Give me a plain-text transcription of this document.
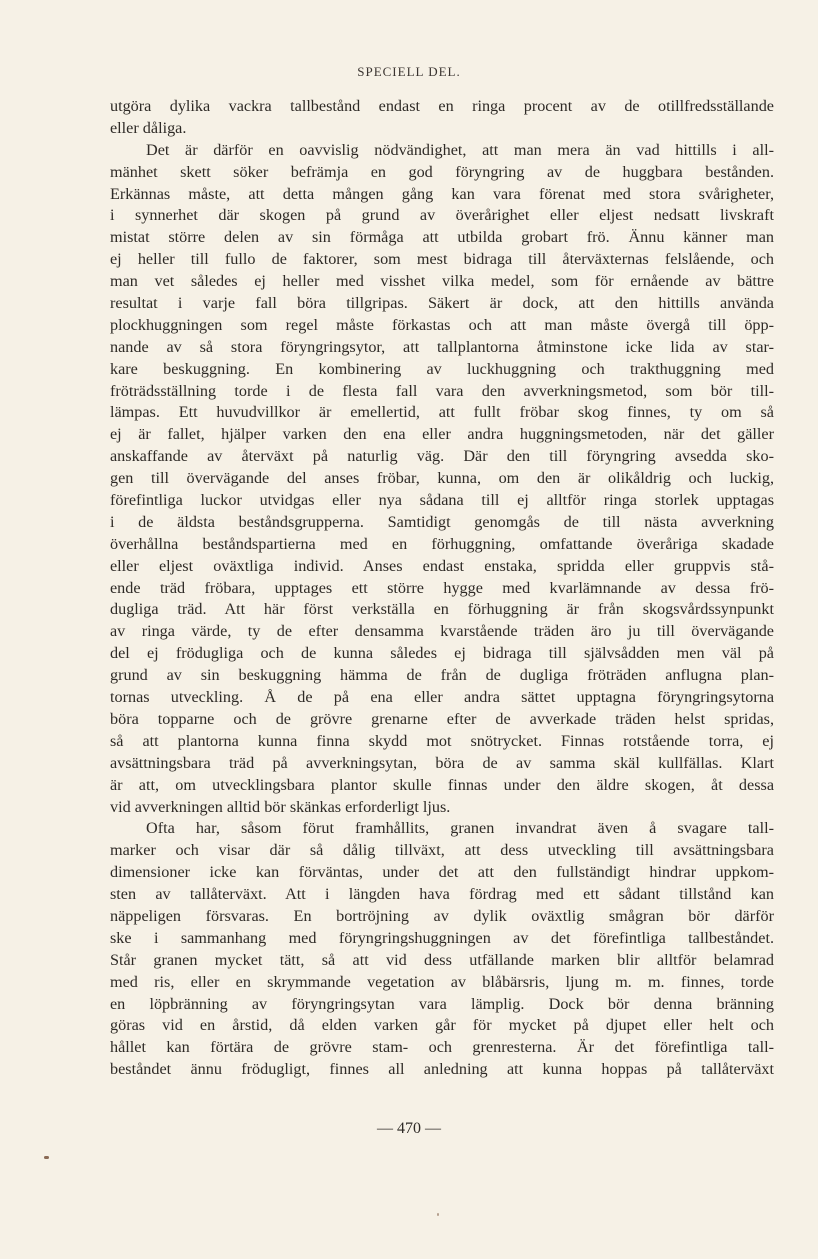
SPECIELL DEL.
utgöra dylika vackra tallbestånd endast en ringa procent av de otillfredsställande
eller dåliga.
Det är därför en oavvislig nödvändighet, att man mera än vad hittills i all-
mänhet skett söker befrämja en god föryngring av de huggbara bestånden.
Erkännas måste, att detta mången gång kan vara förenat med stora svårigheter,
i synnerhet där skogen på grund av överårighet eller eljest nedsatt livskraft
mistat större delen av sin förmåga att utbilda grobart frö. Ännu känner man
ej heller till fullo de faktorer, som mest bidraga till återväxternas felslående, och
man vet således ej heller med visshet vilka medel, som för ernående av bättre
resultat i varje fall böra tillgripas. Säkert är dock, att den hittills använda
plockhuggningen som regel måste förkastas och att man måste övergå till öpp-
nande av så stora föryngringsytor, att tallplantorna åtminstone icke lida av star-
kare beskuggning. En kombinering av luckhuggning och trakthuggning med
fröträdsställning torde i de flesta fall vara den avverkningsmetod, som bör till-
lämpas. Ett huvudvillkor är emellertid, att fullt fröbar skog finnes, ty om så
ej är fallet, hjälper varken den ena eller andra huggningsmetoden, när det gäller
anskaffande av återväxt på naturlig väg. Där den till föryngring avsedda sko-
gen till övervägande del anses fröbar, kunna, om den är olikåldrig och luckig,
förefintliga luckor utvidgas eller nya sådana till ej alltför ringa storlek upptagas
i de äldsta beståndsgrupperna. Samtidigt genomgås de till nästa avverkning
överhållna beståndspartierna med en förhuggning, omfattande överåriga skadade
eller eljest oväxtliga individ. Anses endast enstaka, spridda eller gruppvis stå-
ende träd fröbara, upptages ett större hygge med kvarlämnande av dessa frö-
dugliga träd. Att här först verkställa en förhuggning är från skogsvårdssynpunkt
av ringa värde, ty de efter densamma kvarstående träden äro ju till övervägande
del ej frödugliga och de kunna således ej bidraga till självsådden men väl på
grund av sin beskuggning hämma de från de dugliga fröträden anflugna plan-
tornas utveckling. Å de på ena eller andra sättet upptagna föryngringsytorna
böra topparne och de grövre grenarne efter de avverkade träden helst spridas,
så att plantorna kunna finna skydd mot snötrycket. Finnas rotstående torra, ej
avsättningsbara träd på avverkningsytan, böra de av samma skäl kullfällas. Klart
är att, om utvecklingsbara plantor skulle finnas under den äldre skogen, åt dessa
vid avverkningen alltid bör skänkas erforderligt ljus.
Ofta har, såsom förut framhållits, granen invandrat även å svagare tall-
marker och visar där så dålig tillväxt, att dess utveckling till avsättningsbara
dimensioner icke kan förväntas, under det att den fullständigt hindrar uppkom-
sten av tallåterväxt. Att i längden hava fördrag med ett sådant tillstånd kan
näppeligen försvaras. En bortröjning av dylik oväxtlig smågran bör därför
ske i sammanhang med föryngringshuggningen av det förefintliga tallbeståndet.
Står granen mycket tätt, så att vid dess utfällande marken blir alltför belamrad
med ris, eller en skrymmande vegetation av blåbärsris, ljung m. m. finnes, torde
en löpbränning av föryngringsytan vara lämplig. Dock bör denna bränning
göras vid en årstid, då elden varken går för mycket på djupet eller helt och
hållet kan förtära de grövre stam- och grenresterna. Är det förefintliga tall-
beståndet ännu frödugligt, finnes all anledning att kunna hoppas på tallåterväxt
— 470 —
